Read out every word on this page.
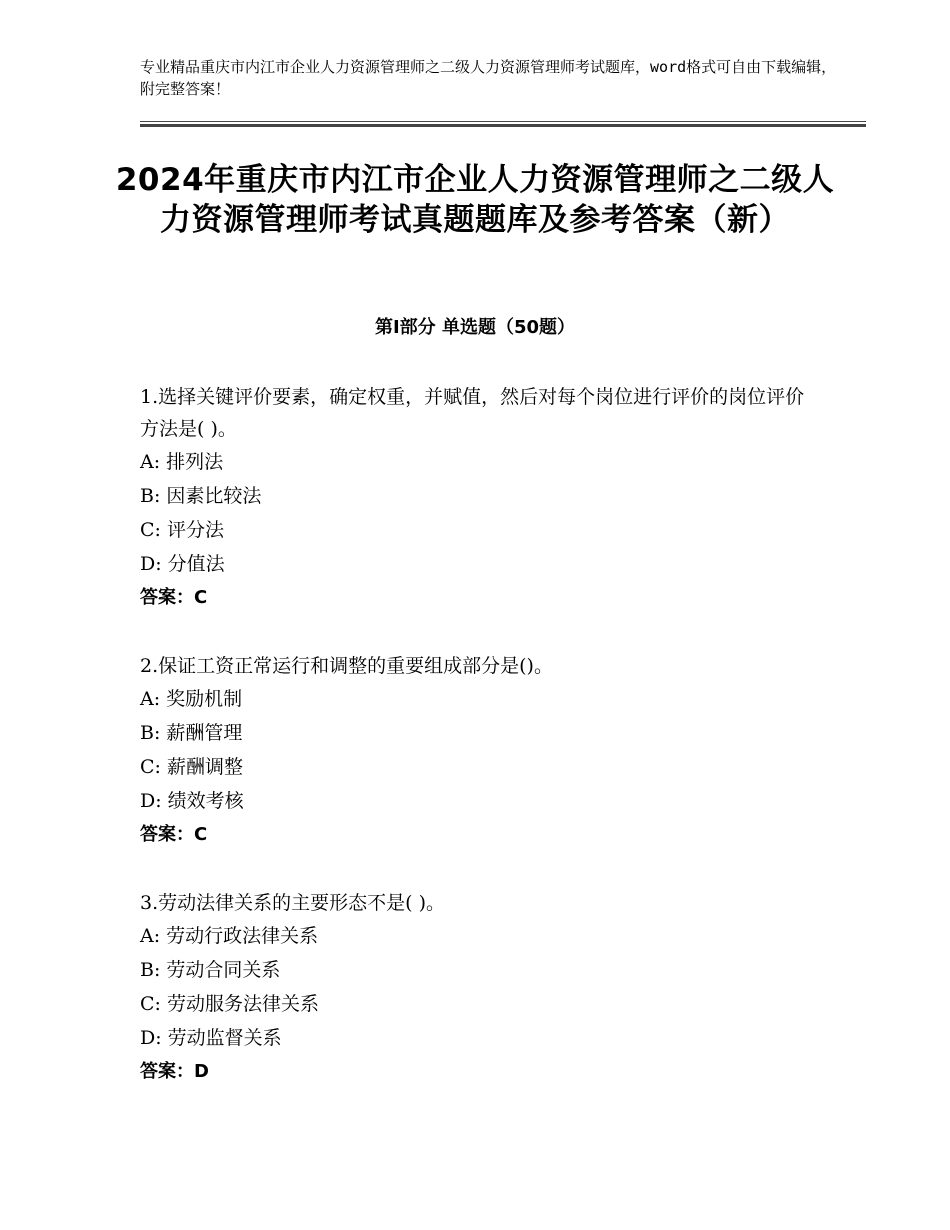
专业精品重庆市内江市企业人力资源管理师之二级人力资源管理师考试题库，word格式可自由下载编辑，附完整答案！
2024年重庆市内江市企业人力资源管理师之二级人力资源管理师考试真题题库及参考答案（新）
第Ⅰ部分 单选题（50题）

1.选择关键评价要素，确定权重，并赋值，然后对每个岗位进行评价的岗位评价方法是( )。

A: 排列法

B: 因素比较法

C: 评分法

D: 分值法

答案：C

2.保证工资正常运行和调整的重要组成部分是()。

A: 奖励机制

B: 薪酬管理

C: 薪酬调整

D: 绩效考核

答案：C

3.劳动法律关系的主要形态不是( )。

A: 劳动行政法律关系

B: 劳动合同关系

C: 劳动服务法律关系

D: 劳动监督关系

答案：D
